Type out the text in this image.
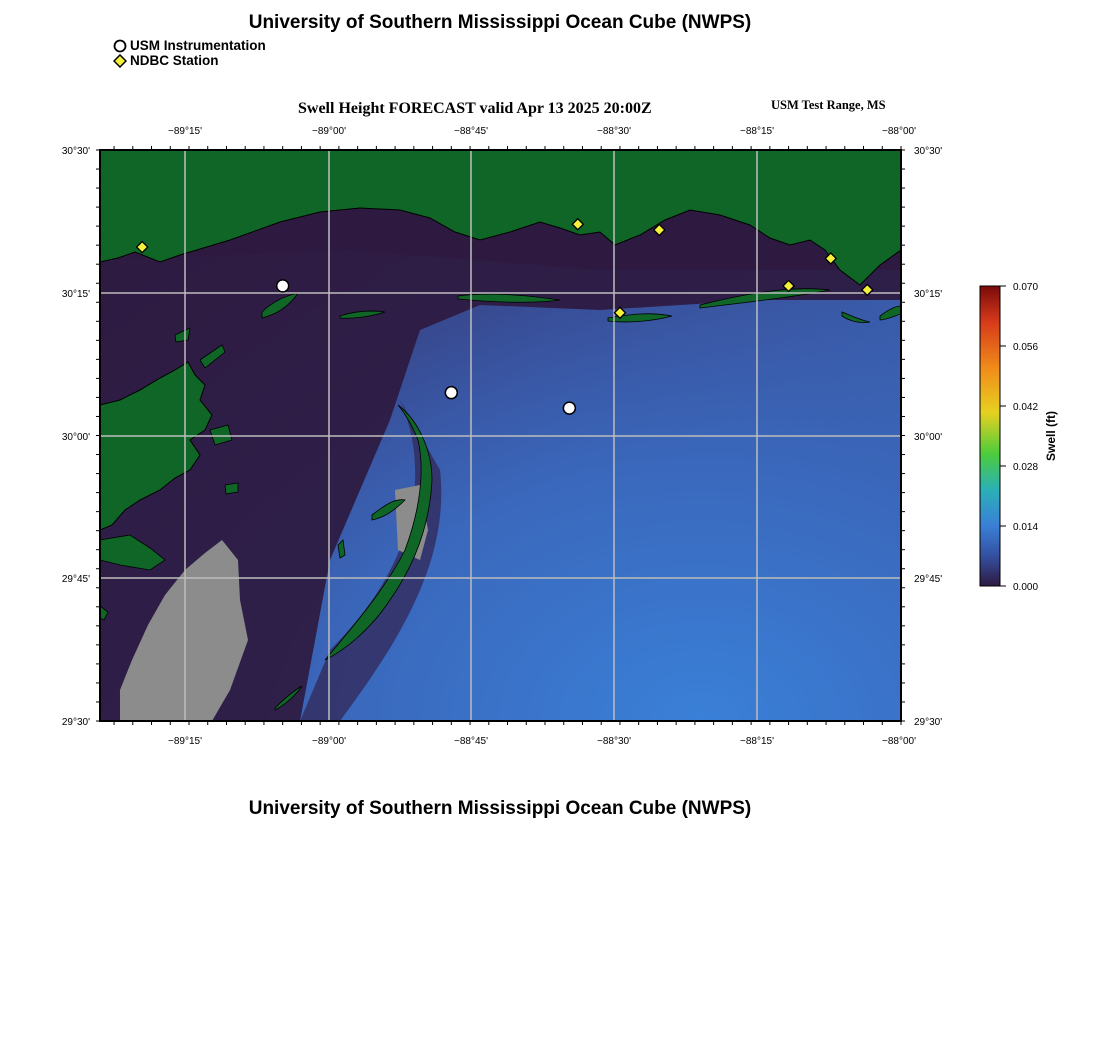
University of Southern Mississippi Ocean Cube (NWPS)
USM Instrumentation
NDBC Station
Swell Height FORECAST valid Apr 13 2025 20:00Z	USM Test Range, MS
−89°15'	−89°00'	−88°45'	−88°30'	−88°15'	−88°00'
−89°15'	−89°00'	−88°45'	−88°30'	−88°15'	−88°00'
30°30'
30°15'
30°00'
29°45'
29°30'
30°30'
30°15'
30°00'
29°45'
29°30'
0.070
0.056
0.042
0.028
0.014
0.000
Swell (ft)
University of Southern Mississippi Ocean Cube (NWPS)
